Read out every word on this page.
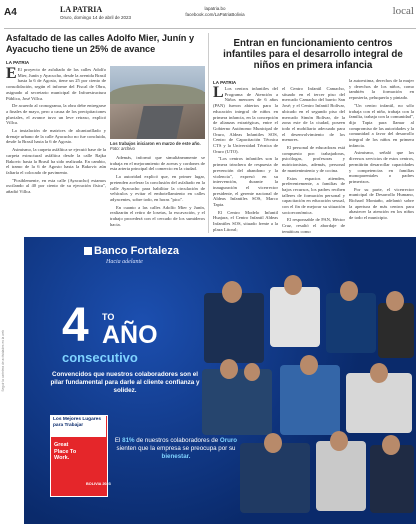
A4	LA PATRIA
Oruro, domingo 14 de abril de 2023
lapatria.bo
facebook.com/LaPatriaBolivia	local
Asfaltado de las calles Adolfo Mier, Junín y Ayacucho tiene un 25% de avance
LA PATRIA

E El proyecto de asfaltado de las calles Adolfo Mier, Junín y Ayacucho, desde la avenida Brasil hasta la 6 de Agosto, tiene un 25 por ciento de consolidación, según el informe del Fiscal de Obra, asignado al secretario municipal de Infraestructura Pública, José Villca.

De acuerdo al cronograma, la obra debe entregarse a finales de mayo, pero a causa de los precipitaciones pluviales, el avance tuvo un leve retraso, explicó Villca.

La instalación de matrices de alcantarillado y drenaje urbano de la calle Ayacucho no fue concluida, desde la Brasil hasta la 6 de Agosto.

Asimismo, la carpeta asfáltica se ejecutó base de la carpeta estructural asfáltica desde la calle Rajka Bakovic hasta la Brasil ha sido realizada. En cambio, el tramo de la 6 de Agosto hasta la Bakovic aún faltaría el colocado de pavimento.

"Posiblemente, en esta calle (Ayacucho) estamos oscilando al 40 por ciento de su ejecución física", añadió Villca.

Los trabajos iniciaron en marzo de este año. Foto: archivo

Además, informó que simultáneamente se trabaja en el mejoramiento de aceras y cordones de esta arteria principal del comercio en la ciudad.

La autoridad explicó que, en primer lugar, pretenden acelerar la conclusión del asfaltado en la calle Ayacucho para habilitar la circulación de vehículos y evitar el embotellamiento en calles adyacentes, sobre todo, en horas "pico".

En cuanto a las calles Adolfo Mier y Junín, realizarán el retiro de losetas, la excavación, y el trabajo procederá con el cercado de los sumideros hacia.

Entran en funcionamiento centros infantiles para el desarrollo integral de niños en primera infancia
LA PATRIA

L Los centros infantiles del Programa de Atención a Niños menores de 6 años (PAN) fueron abiertos para la educación integral de niños en primera infancia, en la concepción de alianzas estratégicas, entre el Gobierno Autónomo Municipal de Oruro, Aldeas Infantiles SOS, Centro de Capacitación Técnica CTS y la Universidad Técnica de Oruro (UTO).

"Los centros infantiles son la primera trinchera de respuesta de prevención del abandono y la violencia", expresó en su intervención, durante la inauguración el vicerrector presidente, el gerente nacional de Aldeas Infantiles SOS, Marco Tapia.

El Centro Modelo Infantil Huajara, el Centro Infantil Aldeas Infantiles SOS, situado frente a la plaza Litoral;

el Centro Infantil Camacho, situado en el tercer piso del mercado Camacho del barrio San José; y el Centro Infantil Bolívar, ubicado en el segundo piso del mercado Simón Bolívar, de la zona este de la ciudad, poseen todo el mobiliario adecuado para el desenvolvimiento de los menores.

El personal de educadoras está compuesto por: trabajadoras, psicólogas, profesoras y nutricionistas, además, personal de mantenimiento y de cocina.

Estos espacios atienden, preferentemente, a familias de bajos recursos, los padres reciben talleres de formación personal y capacitación en educación sexual, con el fin de mejorar su situación socioeconómica.

El responsable de PAN, Héctor Cruz, resaltó el abordaje de temáticas como

la autoestima, derechos de la mujer y derechos de los niños, como también la formación en repostería, peluquería y pintado.

"Un centro infantil, no sólo trabaja con el niño, trabaja con la familia, trabaja con la comunidad", dijo Tapia para llamar al compromiso de las autoridades y la comunidad a favor del desarrollo integral de los niños en primera infancia.

Asimismo, señaló que los diversos servicios de estos centros, permitirán desarrollar capacidades y competencias en familias monoparentales o padres primerizos.

Por su parte, el vicerrector municipal de Desarrollo Humano, Richard Montaño, adelantó sobre la apertura de más centros para abastecer la atención en los niños de todo el municipio.

Seguir la cartelera de actividades en la web
Banco Fortaleza
Hacia adelante
4 TO
AÑO
consecutivo
Convencidos que nuestros colaboradores son el pilar fundamental para darle al cliente confianza y solidez.
Los Mejores Lugares para Trabajar
Great Place To Work.
BOLIVIA 2023
El 81% de nuestros colaboradores de Oruro sienten que la empresa se preocupa por su bienestar.
